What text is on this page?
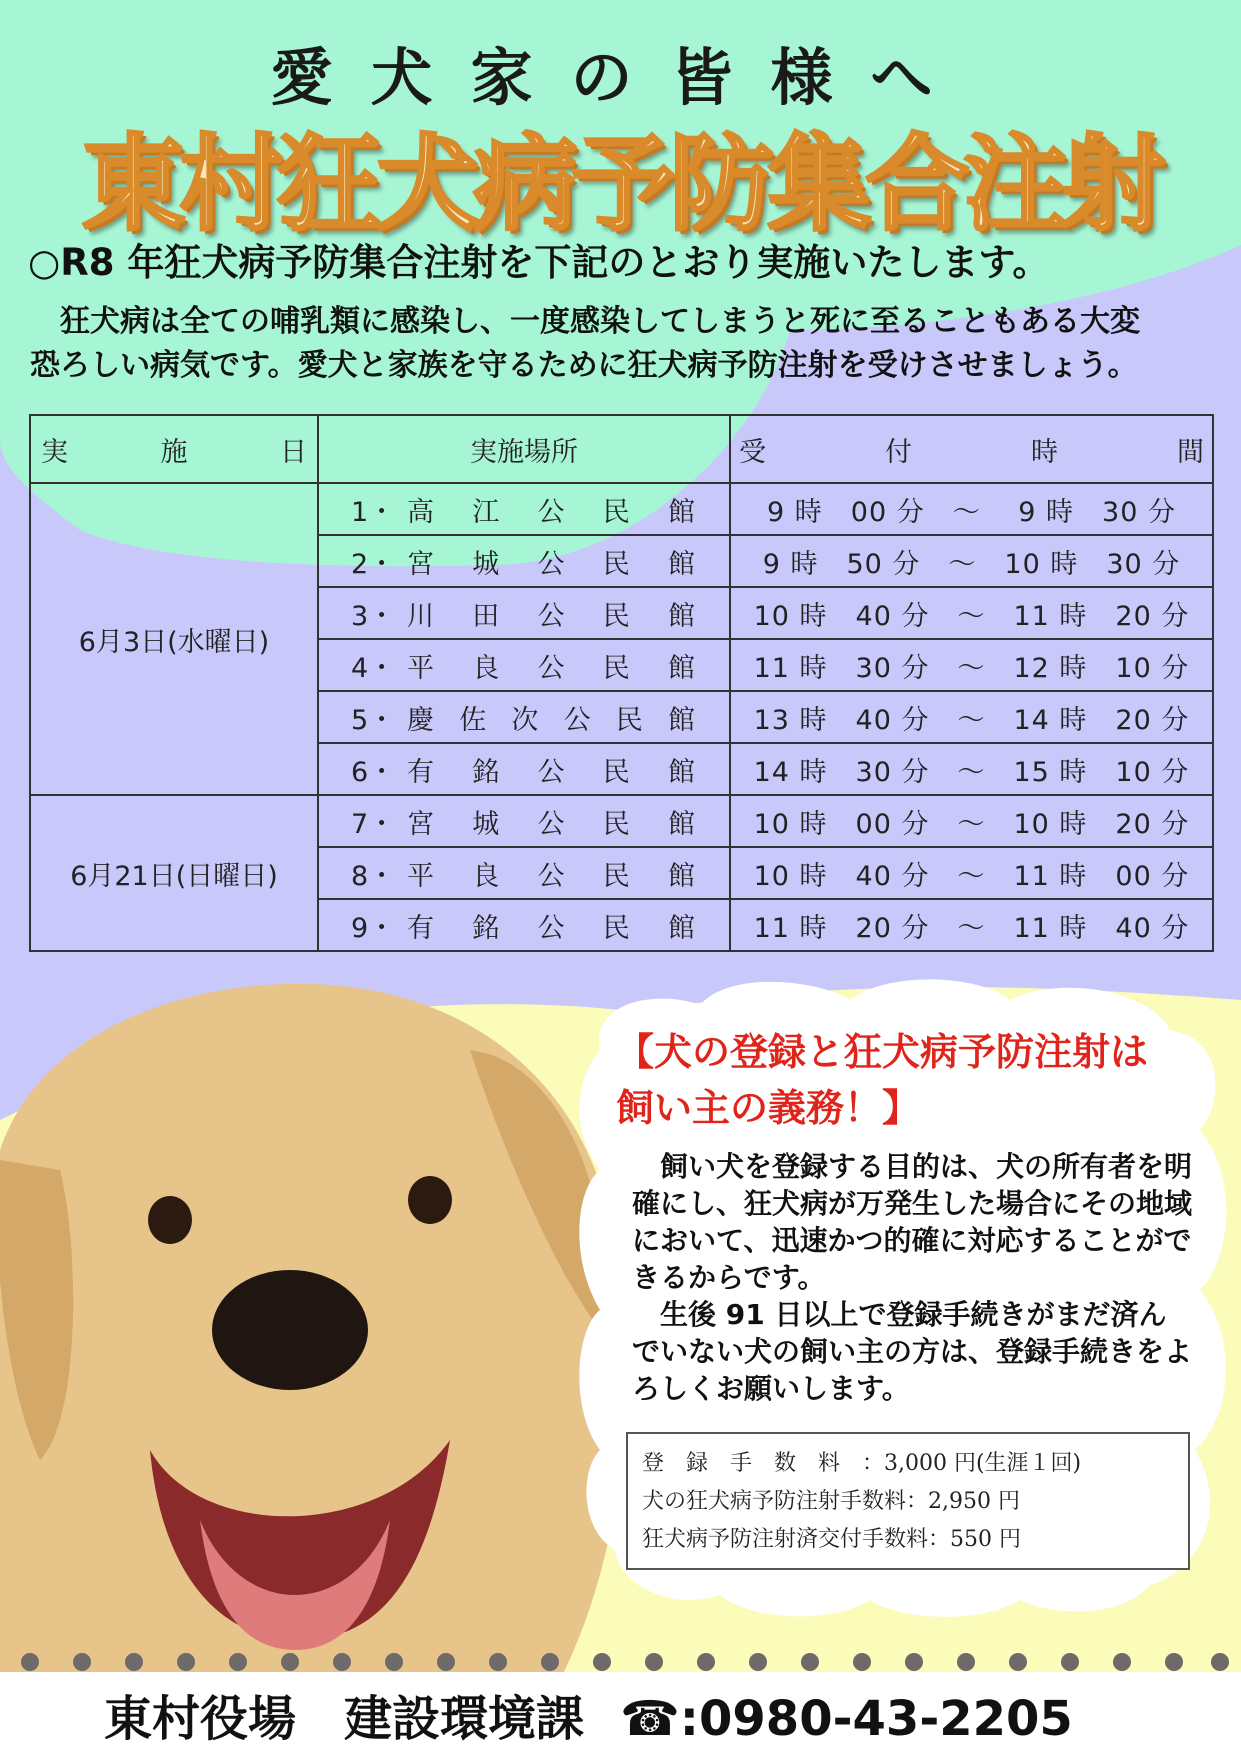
愛犬家の皆様へ
東村狂犬病予防集合注射
○R8 年狂犬病予防集合注射を下記のとおり実施いたします。

　狂犬病は全ての哺乳類に感染し、一度感染してしまうと死に至ることもある大変

恐ろしい病気です。愛犬と家族を守るために狂犬病予防注射を受けさせましょう。

実施日	実施場所	受付時間
6月3日(水曜日)	1・ 高江公民館	9 時　00 分　～　 9 時　30 分
	2・ 宮城公民館	9 時　50 分　～　10 時　30 分
	3・ 川田公民館	10 時　40 分　～　11 時　20 分
	4・ 平良公民館	11 時　30 分　～　12 時　10 分
	5・ 慶佐次公民館	13 時　40 分　～　14 時　20 分
	6・ 有銘公民館	14 時　30 分　～　15 時　10 分
6月21日(日曜日)	7・ 宮城公民館	10 時　00 分　～　10 時　20 分
	8・ 平良公民館	10 時　40 分　～　11 時　00 分
	9・ 有銘公民館	11 時　20 分　～　11 時　40 分
【犬の登録と狂犬病予防注射は
飼い主の義務！】

　飼い犬を登録する目的は、犬の所有者を明確にし、狂犬病が万発生した場合にその地域において、迅速かつ的確に対応することができるからです。

　生後 91 日以上で登録手続きがまだ済んでいない犬の飼い主の方は、登録手続きをよろしくお願いします。

登　録　手　数　料　：3,000 円(生涯１回)
犬の狂犬病予防注射手数料：2,950 円
狂犬病予防注射済交付手数料：550 円
東村役場　建設環境課 ☎:0980-43-2205
